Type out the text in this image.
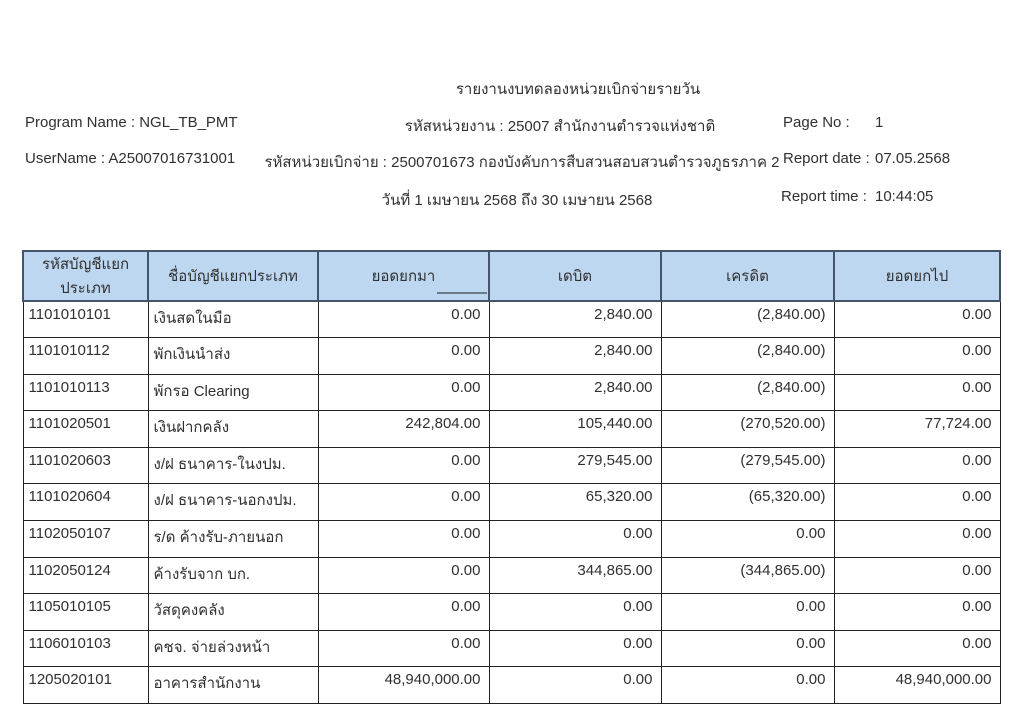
รายงานงบทดลองหน่วยเบิกจ่ายรายวัน
รหัสหน่วยงาน : 25007 สำนักงานตำรวจแห่งชาติ
รหัสหน่วยเบิกจ่าย : 2500701673 กองบังคับการสืบสวนสอบสวนตำรวจภูธรภาค 2
วันที่ 1 เมษายน 2568 ถึง 30 เมษายน 2568
Program Name : NGL_TB_PMT
UserName : A25007016731001
Page No : 1
Report date : 07.05.2568
Report time : 10:44:05
รหัสบัญชีแยกประเภท	ชื่อบัญชีแยกประเภท	ยอดยกมา	เดบิต	เครดิต	ยอดยกไป
1101010101	เงินสดในมือ	0.00	2,840.00	(2,840.00)	0.00
1101010112	พักเงินนำส่ง	0.00	2,840.00	(2,840.00)	0.00
1101010113	พักรอ Clearing	0.00	2,840.00	(2,840.00)	0.00
1101020501	เงินฝากคลัง	242,804.00	105,440.00	(270,520.00)	77,724.00
1101020603	ง/ฝ ธนาคาร-ในงปม.	0.00	279,545.00	(279,545.00)	0.00
1101020604	ง/ฝ ธนาคาร-นอกงปม.	0.00	65,320.00	(65,320.00)	0.00
1102050107	ร/ด ค้างรับ-ภายนอก	0.00	0.00	0.00	0.00
1102050124	ค้างรับจาก บก.	0.00	344,865.00	(344,865.00)	0.00
1105010105	วัสดุคงคลัง	0.00	0.00	0.00	0.00
1106010103	คชจ. จ่ายล่วงหน้า	0.00	0.00	0.00	0.00
1205020101	อาคารสำนักงาน	48,940,000.00	0.00	0.00	48,940,000.00
